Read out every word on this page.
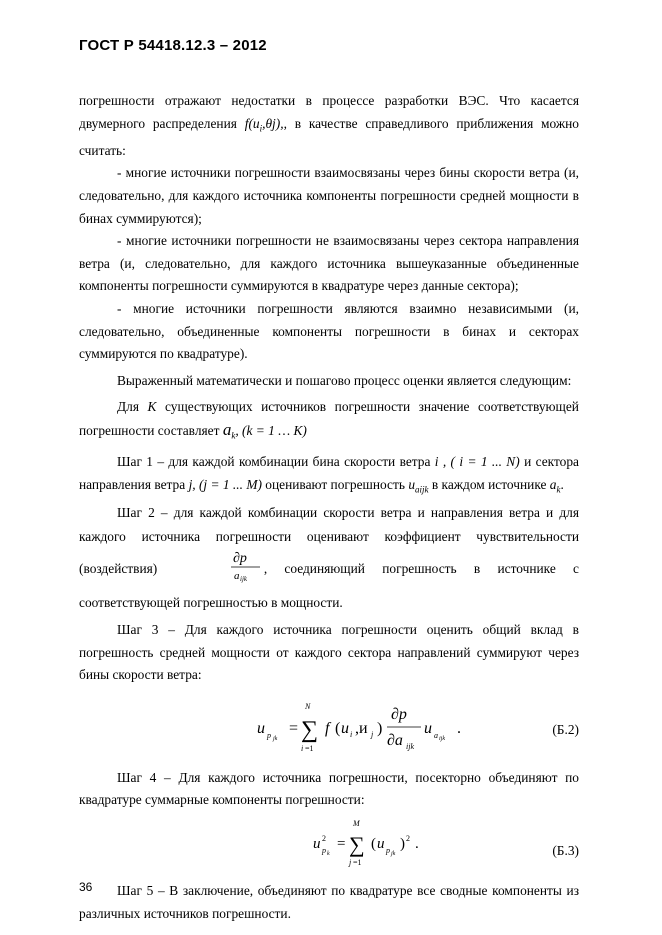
ГОСТ Р 54418.12.3 – 2012

погрешности отражают недостатки в процессе разработки ВЭС. Что касается двумерного распределения $f(u_i,\theta j)$,, в качестве справедливого приближения можно считать:

- многие источники погрешности взаимосвязаны через бины скорости ветра (и, следовательно, для каждого источника компоненты погрешности средней мощности в бинах суммируются);

- многие источники погрешности не взаимосвязаны через сектора направления ветра (и, следовательно, для каждого источника вышеуказанные объединенные компоненты погрешности суммируются в квадратуре через данные сектора);

- многие источники погрешности являются взаимно независимыми (и, следовательно, объединенные компоненты погрешности в бинах и секторах суммируются по квадратуре).

Выраженный математически и пошагово процесс оценки является следующим:

Для K существующих источников погрешности значение соответствующей погрешности составляет $a_k$, (k = 1 … K)

Шаг 1 – для каждой комбинации бина скорости ветра i , ( i = 1 ... N) и сектора направления ветра j, (j = 1 ... M) оценивают погрешность $u_{aijk}$ в каждом источнике $a_k$.

Шаг 2 – для каждой комбинации скорости ветра и направления ветра и для каждого источника погрешности оценивают коэффициент чувствительности (воздействия)
∂p
a ijk
, соединяющий погрешность в источнике с соответствующей погрешностью в мощности.

Шаг 3 – Для каждого источника погрешности оценить общий вклад в погрешность средней мощности от каждого сектора направлений суммируют через бины скорости ветра:

u p jk
=
N
∑
i =1
f ( u i ,и j )
∂p
∂a ijk
u a ijk
.	(Б.2)

Шаг 4 – Для каждого источника погрешности, посекторно объединяют по квадратуре суммарные компоненты погрешности:

u 2
p k
=
M
∑
j =1
( u p jk
) 2 .	(Б.3)

Шаг 5 – В заключение, объединяют по квадратуре все сводные компоненты из различных источников погрешности.

36
